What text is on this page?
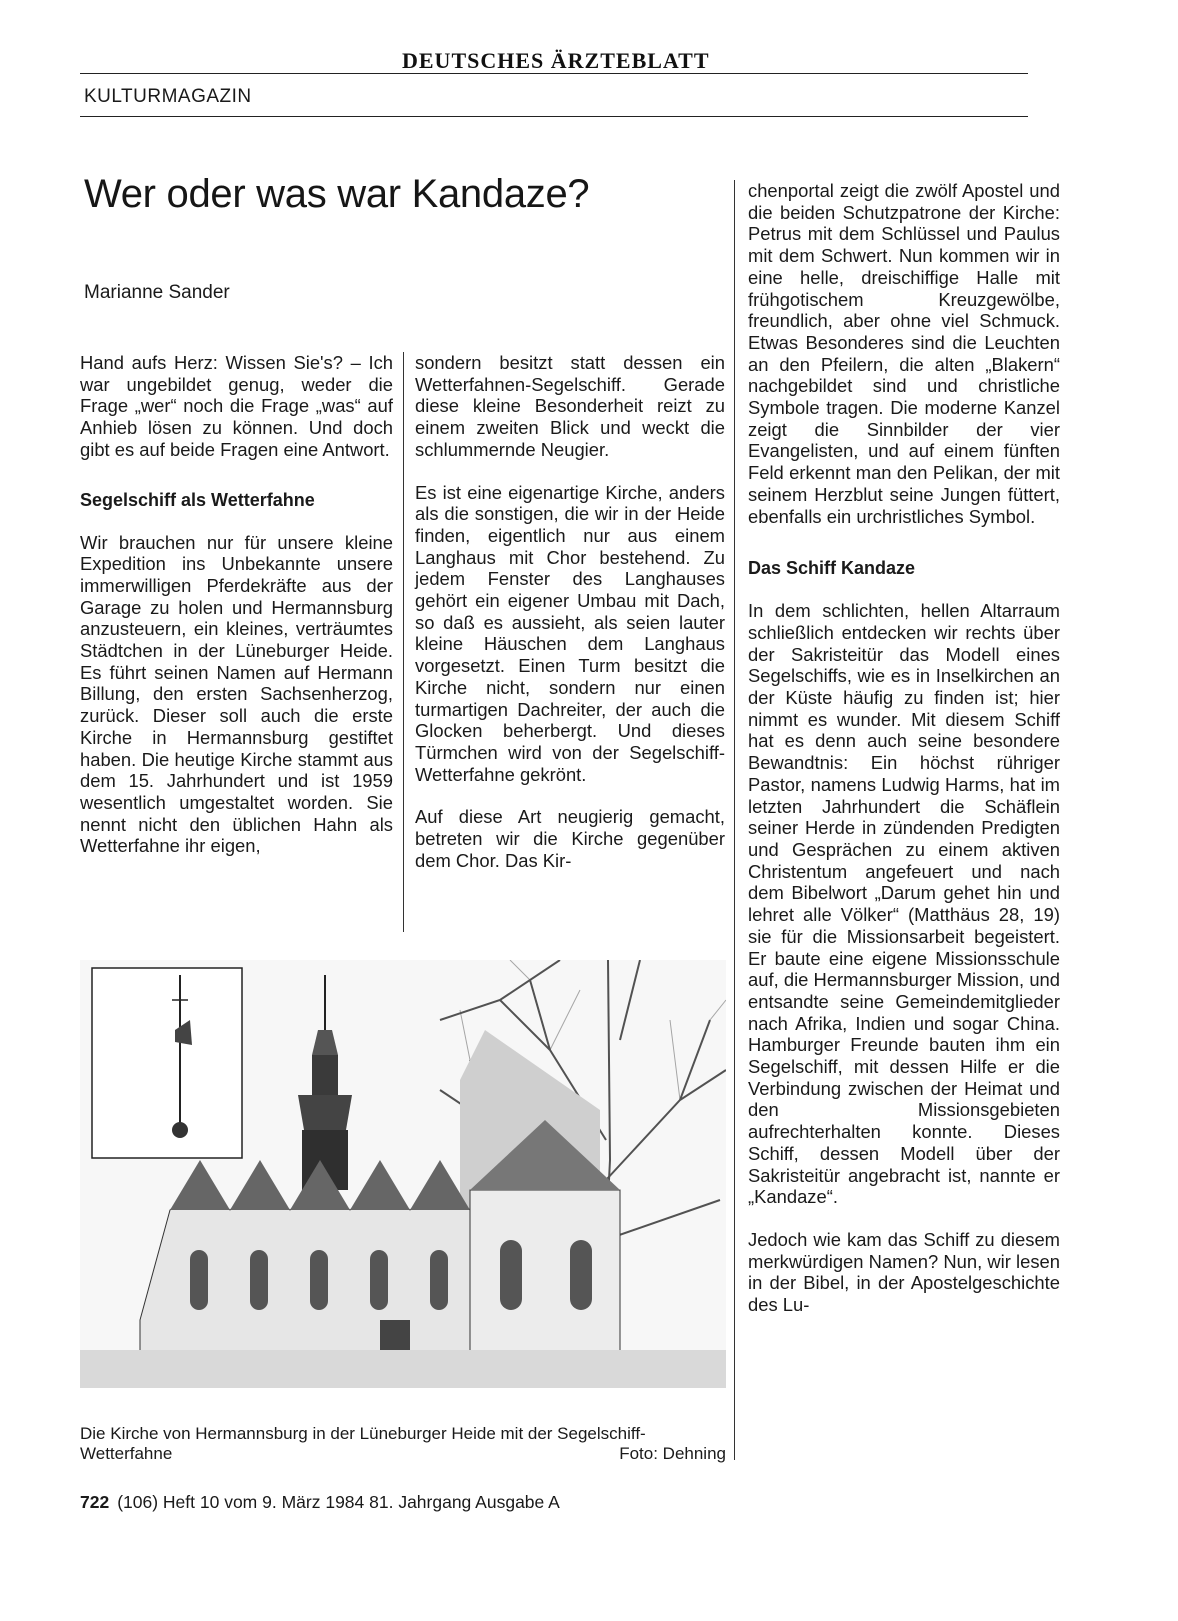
DEUTSCHES ÄRZTEBLATT
KULTURMAGAZIN
Wer oder was war Kandaze?
Marianne Sander

Hand aufs Herz: Wissen Sie's? – Ich war ungebildet genug, weder die Frage „wer“ noch die Frage „was“ auf Anhieb lösen zu können. Und doch gibt es auf beide Fragen eine Antwort.

Segelschiff als Wetterfahne

Wir brauchen nur für unsere kleine Expedition ins Unbekannte unsere immerwilligen Pferdekräfte aus der Garage zu holen und Hermannsburg anzusteuern, ein kleines, verträumtes Städtchen in der Lüneburger Heide. Es führt seinen Namen auf Hermann Billung, den ersten Sachsenherzog, zurück. Dieser soll auch die erste Kirche in Hermannsburg gestiftet haben. Die heutige Kirche stammt aus dem 15. Jahrhundert und ist 1959 wesentlich umgestaltet worden. Sie nennt nicht den üblichen Hahn als Wetterfahne ihr eigen,

sondern besitzt statt dessen ein Wetterfahnen-Segelschiff. Gerade diese kleine Besonderheit reizt zu einem zweiten Blick und weckt die schlummernde Neugier.

Es ist eine eigenartige Kirche, anders als die sonstigen, die wir in der Heide finden, eigentlich nur aus einem Langhaus mit Chor bestehend. Zu jedem Fenster des Langhauses gehört ein eigener Umbau mit Dach, so daß es aussieht, als seien lauter kleine Häuschen dem Langhaus vorgesetzt. Einen Turm besitzt die Kirche nicht, sondern nur einen turmartigen Dachreiter, der auch die Glocken beherbergt. Und dieses Türmchen wird von der Segelschiff-Wetterfahne gekrönt.

Auf diese Art neugierig gemacht, betreten wir die Kirche gegenüber dem Chor. Das Kir-

chenportal zeigt die zwölf Apostel und die beiden Schutzpatrone der Kirche: Petrus mit dem Schlüssel und Paulus mit dem Schwert. Nun kommen wir in eine helle, dreischiffige Halle mit frühgotischem Kreuzgewölbe, freundlich, aber ohne viel Schmuck. Etwas Besonderes sind die Leuchten an den Pfeilern, die alten „Blakern“ nachgebildet sind und christliche Symbole tragen. Die moderne Kanzel zeigt die Sinnbilder der vier Evangelisten, und auf einem fünften Feld erkennt man den Pelikan, der mit seinem Herzblut seine Jungen füttert, ebenfalls ein urchristliches Symbol.

Das Schiff Kandaze

In dem schlichten, hellen Altarraum schließlich entdecken wir rechts über der Sakristeitür das Modell eines Segelschiffs, wie es in Inselkirchen an der Küste häufig zu finden ist; hier nimmt es wunder. Mit diesem Schiff hat es denn auch seine besondere Bewandtnis: Ein höchst rühriger Pastor, namens Ludwig Harms, hat im letzten Jahrhundert die Schäflein seiner Herde in zündenden Predigten und Gesprächen zu einem aktiven Christentum angefeuert und nach dem Bibelwort „Darum gehet hin und lehret alle Völker“ (Matthäus 28, 19) sie für die Missionsarbeit begeistert. Er baute eine eigene Missionsschule auf, die Hermannsburger Mission, und entsandte seine Gemeindemitglieder nach Afrika, Indien und sogar China. Hamburger Freunde bauten ihm ein Segelschiff, mit dessen Hilfe er die Verbindung zwischen der Heimat und den Missionsgebieten aufrechterhalten konnte. Dieses Schiff, dessen Modell über der Sakristeitür angebracht ist, nannte er „Kandaze“.

Jedoch wie kam das Schiff zu diesem merkwürdigen Namen? Nun, wir lesen in der Bibel, in der Apostelgeschichte des Lu-

Die Kirche von Hermannsburg in der Lüneburger Heide mit der Segelschiff-Wetterfahne	Foto: Dehning
722 (106) Heft 10 vom 9. März 1984 81. Jahrgang Ausgabe A
